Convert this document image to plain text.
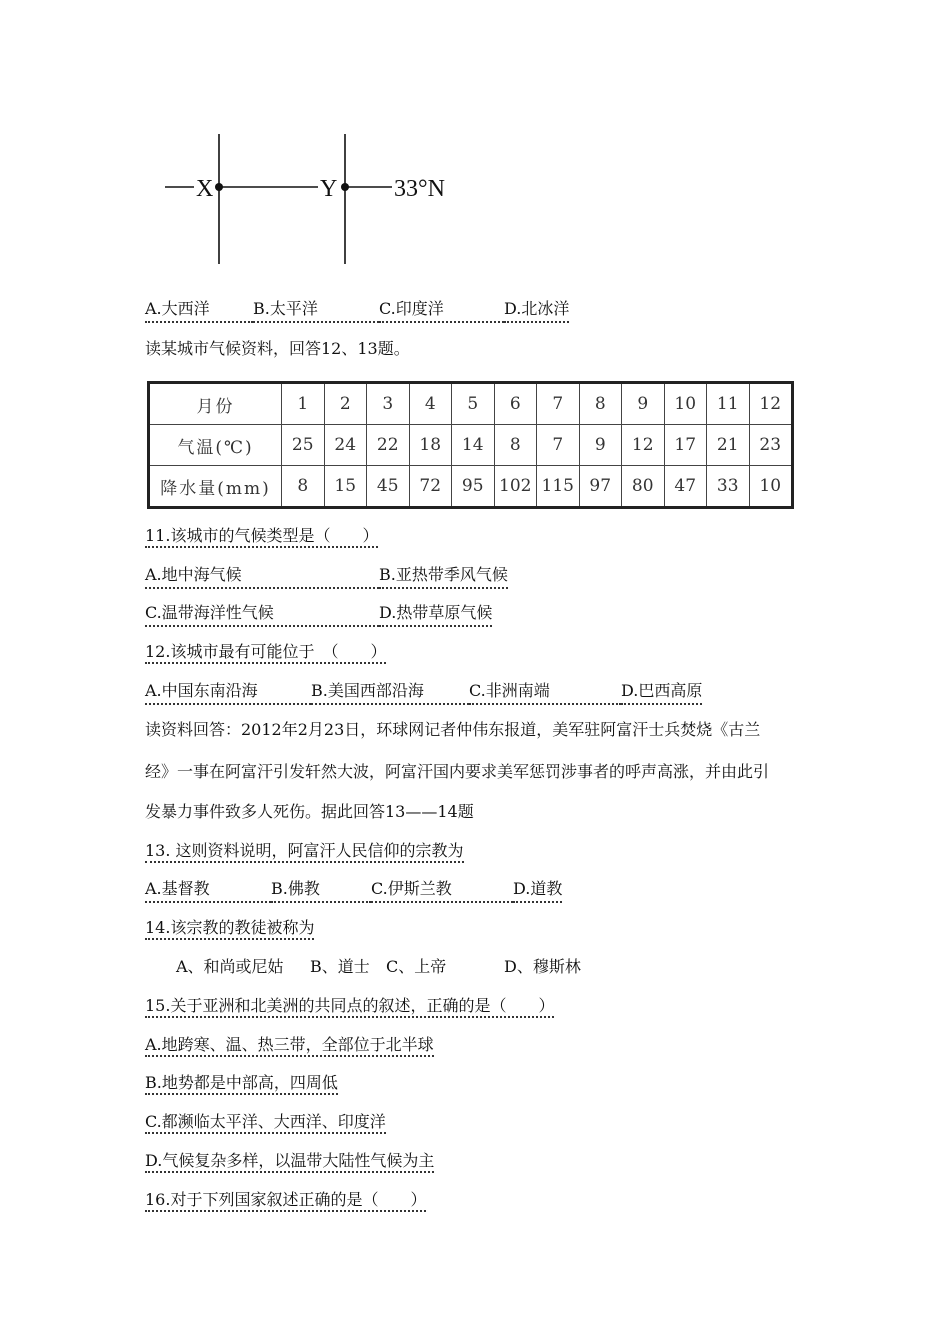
X	Y 33°N
A.大西洋	B.太平洋	C.印度洋	D.北冰洋
读某城市气候资料，回答12、13题。
月份	1	2	3	4	5	6	7	8	9	10	11	12
气温(℃)	25	24	22	18	14	8	7	9	12	17	21	23
降水量(mm)	8	15	45	72	95	102	115	97	80	47	33	10
11.该城市的气候类型是（　　）
A.地中海气候	B.亚热带季风气候
C.温带海洋性气候	D.热带草原气候
12.该城市最有可能位于　（　　）
A.中国东南沿海	B.美国西部沿海	C.非洲南端	D.巴西高原
读资料回答：2012年2月23日，环球网记者仲伟东报道，美军驻阿富汗士兵焚烧《古兰
经》一事在阿富汗引发轩然大波，阿富汗国内要求美军惩罚涉事者的呼声高涨，并由此引
发暴力事件致多人死伤。据此回答13——14题
13. 这则资料说明，阿富汗人民信仰的宗教为
A.基督教	B.佛教	C.伊斯兰教	D.道教
14.该宗教的教徒被称为
A、和尚或尼姑 B、道士 C、上帝	D、穆斯林
15.关于亚洲和北美洲的共同点的叙述，正确的是（　　）
A.地跨寒、温、热三带，全部位于北半球
B.地势都是中部高，四周低
C.都濒临太平洋、大西洋、印度洋
D.气候复杂多样，以温带大陆性气候为主
16.对于下列国家叙述正确的是（　　）
